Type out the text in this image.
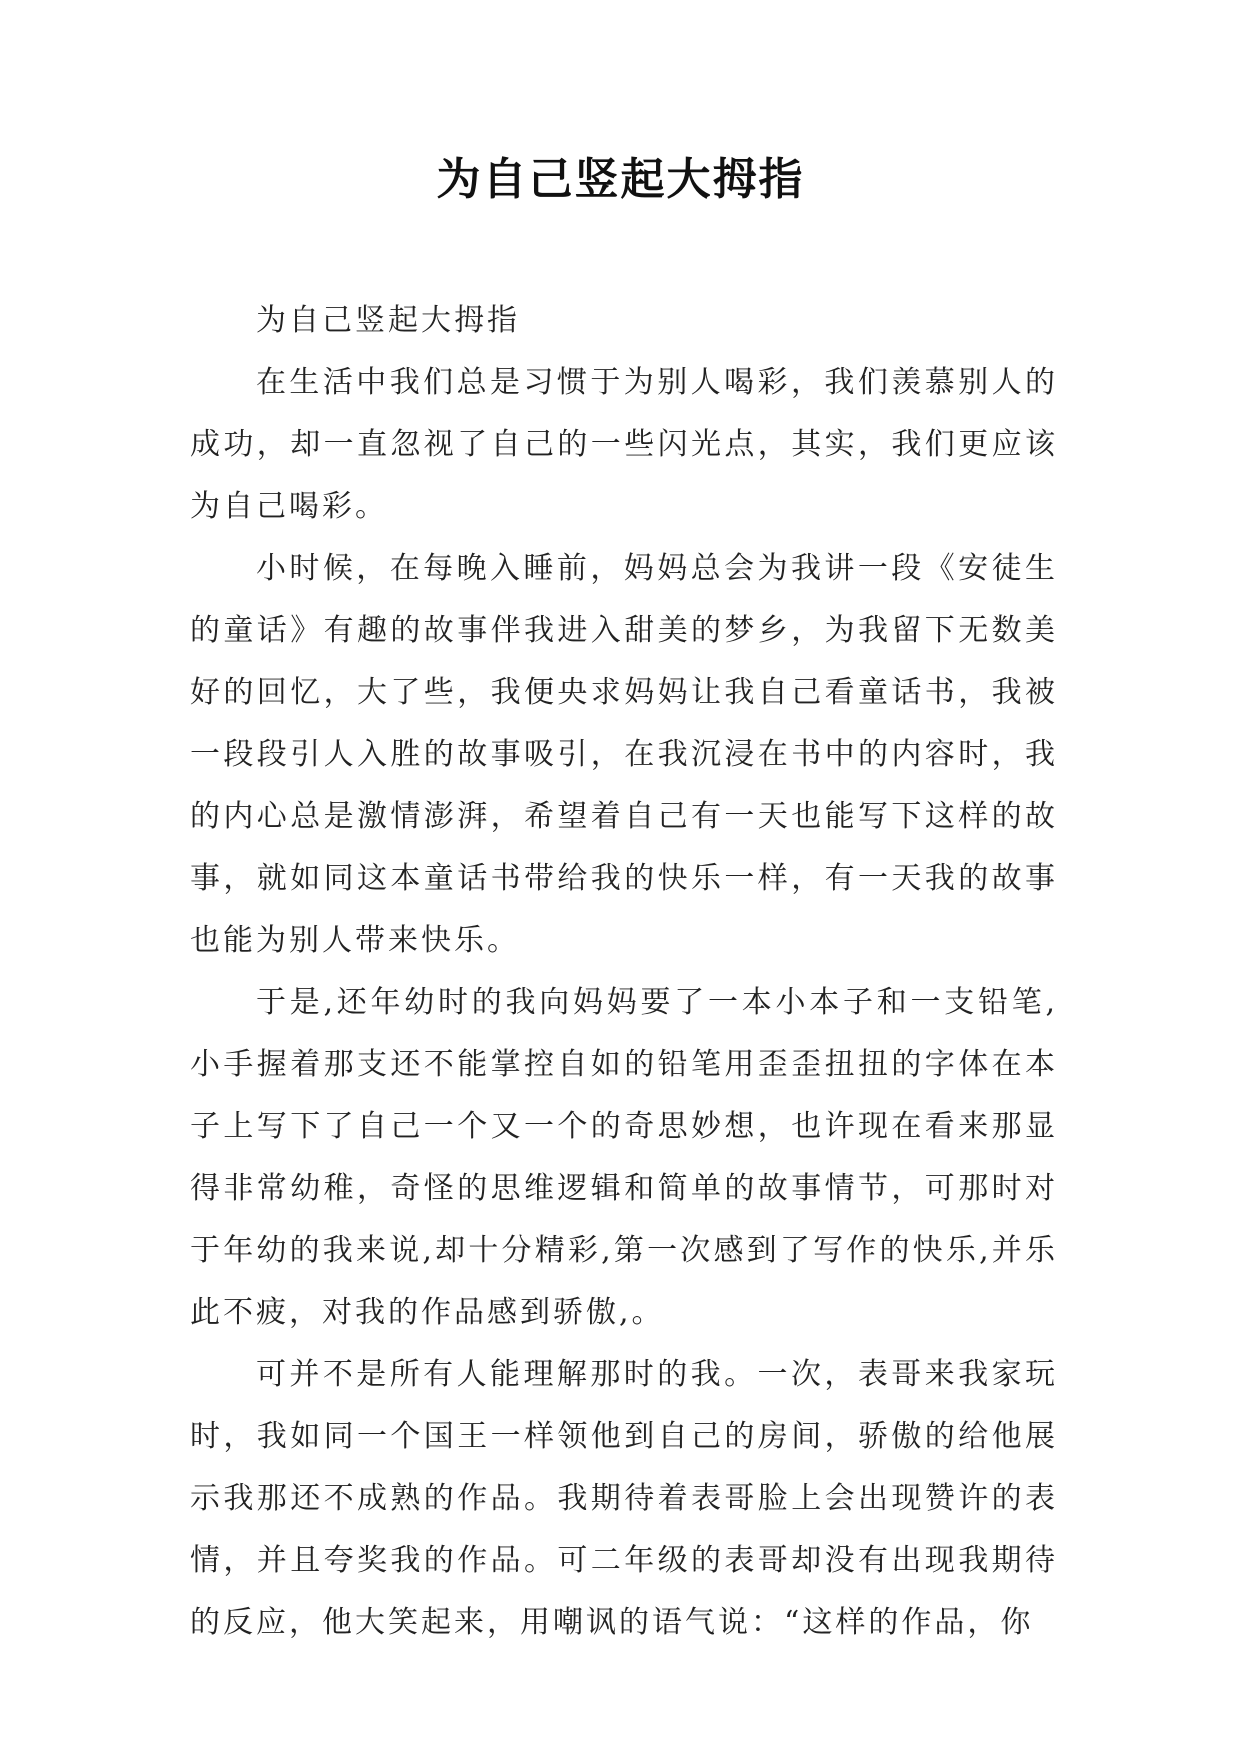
为自己竖起大拇指

为自己竖起大拇指

在生活中我们总是习惯于为别人喝彩，我们羡慕别人的成功，却一直忽视了自己的一些闪光点，其实，我们更应该为自己喝彩。

小时候，在每晚入睡前，妈妈总会为我讲一段《安徒生的童话》有趣的故事伴我进入甜美的梦乡，为我留下无数美好的回忆，大了些，我便央求妈妈让我自己看童话书，我被一段段引人入胜的故事吸引，在我沉浸在书中的内容时，我的内心总是激情澎湃，希望着自己有一天也能写下这样的故事，就如同这本童话书带给我的快乐一样，有一天我的故事也能为别人带来快乐。

于是,还年幼时的我向妈妈要了一本小本子和一支铅笔,小手握着那支还不能掌控自如的铅笔用歪歪扭扭的字体在本子上写下了自己一个又一个的奇思妙想，也许现在看来那显得非常幼稚，奇怪的思维逻辑和简单的故事情节，可那时对于年幼的我来说,却十分精彩,第一次感到了写作的快乐,并乐此不疲，对我的作品感到骄傲,。

可并不是所有人能理解那时的我。一次，表哥来我家玩时，我如同一个国王一样领他到自己的房间，骄傲的给他展示我那还不成熟的作品。我期待着表哥脸上会出现赞许的表情，并且夸奖我的作品。可二年级的表哥却没有出现我期待的反应，他大笑起来，用嘲讽的语气说：“这样的作品，你
